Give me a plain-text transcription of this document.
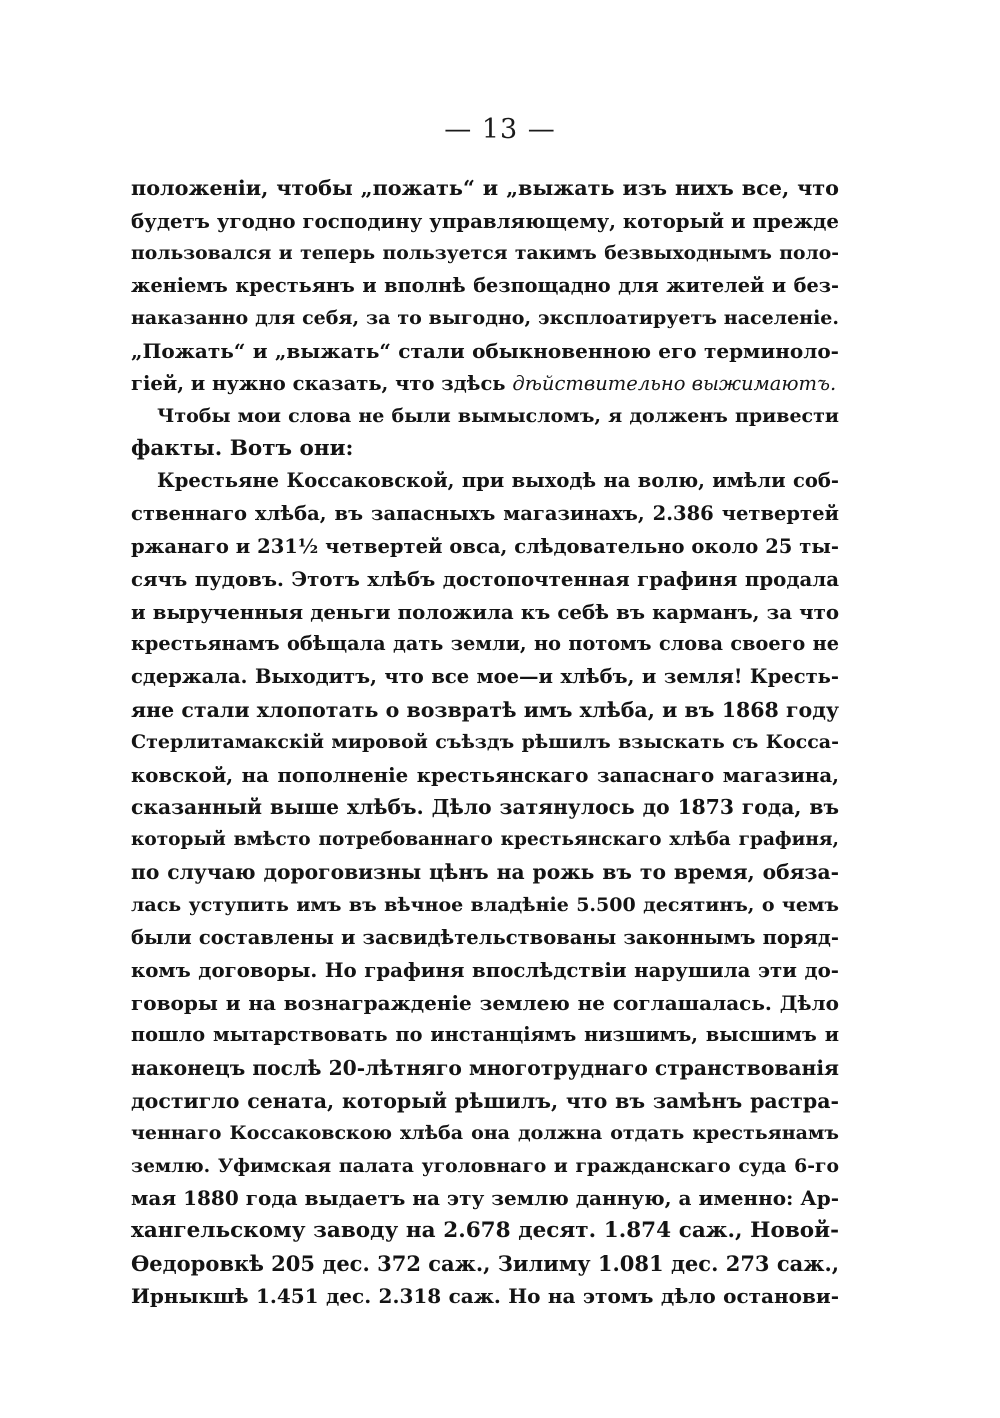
— 13 —
положенiи, чтобы „пожать“ и „выжать изъ нихъ все, что
будетъ угодно господину управляющему, который и прежде
пользовался и теперь пользуется такимъ безвыходнымъ поло-
женiемъ крестьянъ и вполнѣ безпощадно для жителей и без-
наказанно для себя, за то выгодно, эксплоатируетъ населенiе.
„Пожать“ и „выжать“ стали обыкновенною его терминоло-
гiей, и нужно сказать, что здѣсь дѣйствительно выжимаютъ.
Чтобы мои слова не были вымысломъ, я долженъ привести
факты. Вотъ они:
Крестьяне Коссаковской, при выходѣ на волю, имѣли соб-
ственнаго хлѣба, въ запасныхъ магазинахъ, 2.386 четвертей
ржанаго и 231½ четвертей овса, слѣдовательно около 25 ты-
сячъ пудовъ. Этотъ хлѣбъ достопочтенная графиня продала
и вырученныя деньги положила къ себѣ въ карманъ, за что
крестьянамъ обѣщала дать земли, но потомъ слова своего не
сдержала. Выходитъ, что все мое—и хлѣбъ, и земля! Кресть-
яне стали хлопотать о возвратѣ имъ хлѣба, и въ 1868 году
Стерлитамакскiй мировой съѣздъ рѣшилъ взыскать съ Косса-
ковской, на пополненiе крестьянскаго запаснаго магазина,
сказанный выше хлѣбъ. Дѣло затянулось до 1873 года, въ
который вмѣсто потребованнаго крестьянскаго хлѣба графиня,
по случаю дороговизны цѣнъ на рожь въ то время, обяза-
лась уступить имъ въ вѣчное владѣнiе 5.500 десятинъ, о чемъ
были составлены и засвидѣтельствованы законнымъ поряд-
комъ договоры. Но графиня впослѣдствiи нарушила эти до-
говоры и на вознагражденiе землею не соглашалась. Дѣло
пошло мытарствовать по инстанцiямъ низшимъ, высшимъ и
наконецъ послѣ 20-лѣтняго многотруднаго странствованiя
достигло сената, который рѣшилъ, что въ замѣнъ растра-
ченнаго Коссаковскою хлѣба она должна отдать крестьянамъ
землю. Уфимская палата уголовнаго и гражданскаго суда 6-го
мая 1880 года выдаетъ на эту землю данную, а именно: Ар-
хангельскому заводу на 2.678 десят. 1.874 саж., Новой-
Ѳедоровкѣ 205 дес. 372 саж., Зилиму 1.081 дес. 273 саж.,
Ирныкшѣ 1.451 дес. 2.318 саж. Но на этомъ дѣло останови-
